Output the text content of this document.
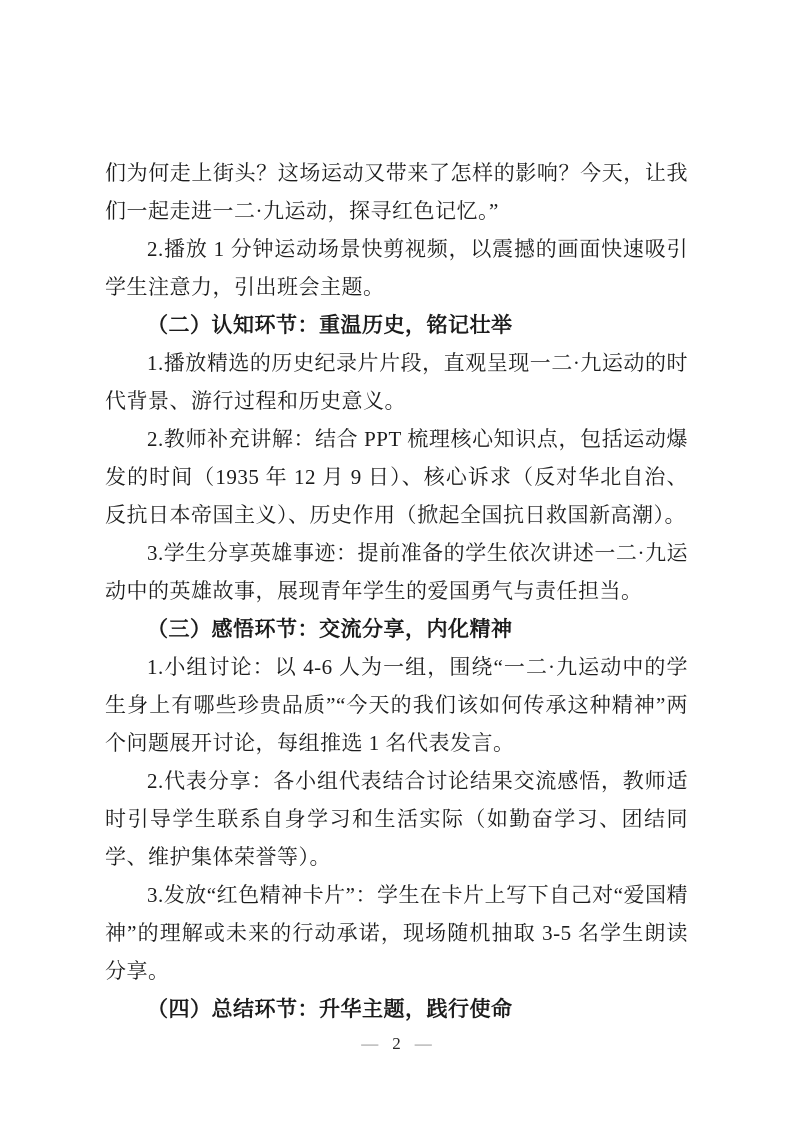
们为何走上街头？这场运动又带来了怎样的影响？今天，让我们一起走进一二·九运动，探寻红色记忆。”

2.播放 1 分钟运动场景快剪视频，以震撼的画面快速吸引学生注意力，引出班会主题。

（二）认知环节：重温历史，铭记壮举

1.播放精选的历史纪录片片段，直观呈现一二·九运动的时代背景、游行过程和历史意义。

2.教师补充讲解：结合 PPT 梳理核心知识点，包括运动爆发的时间（1935 年 12 月 9 日）、核心诉求（反对华北自治、反抗日本帝国主义）、历史作用（掀起全国抗日救国新高潮）。

3.学生分享英雄事迹：提前准备的学生依次讲述一二·九运动中的英雄故事，展现青年学生的爱国勇气与责任担当。

（三）感悟环节：交流分享，内化精神

1.小组讨论：以 4-6 人为一组，围绕“一二·九运动中的学生身上有哪些珍贵品质”“今天的我们该如何传承这种精神”两个问题展开讨论，每组推选 1 名代表发言。

2.代表分享：各小组代表结合讨论结果交流感悟，教师适时引导学生联系自身学习和生活实际（如勤奋学习、团结同学、维护集体荣誉等）。

3.发放“红色精神卡片”：学生在卡片上写下自己对“爱国精神”的理解或未来的行动承诺，现场随机抽取 3-5 名学生朗读分享。

（四）总结环节：升华主题，践行使命
— 2 —
